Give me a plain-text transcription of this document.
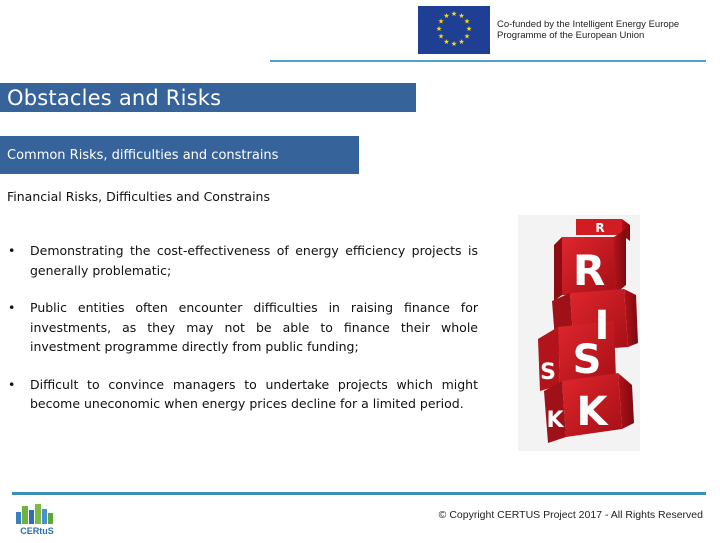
★ ★
★
★
★
★
★
★
★
★
★
★
Co-funded by the Intelligent Energy Europe
Programme of the European Union
Obstacles and Risks
Common Risks, difficulties and constrains
Financial Risks, Difficulties and Constrains
• Demonstrating the cost-effectiveness of energy efficiency projects is generally problematic;
• Public entities often encounter difficulties in raising finance for investments, as they may not be able to finance their whole investment programme directly from public funding;
• Difficult to convince managers to undertake projects which might become uneconomic when energy prices decline for a limited period.
R
R
I
S
K
S
K
CERtuS
© Copyright CERTUS Project 2017 - All Rights Reserved
